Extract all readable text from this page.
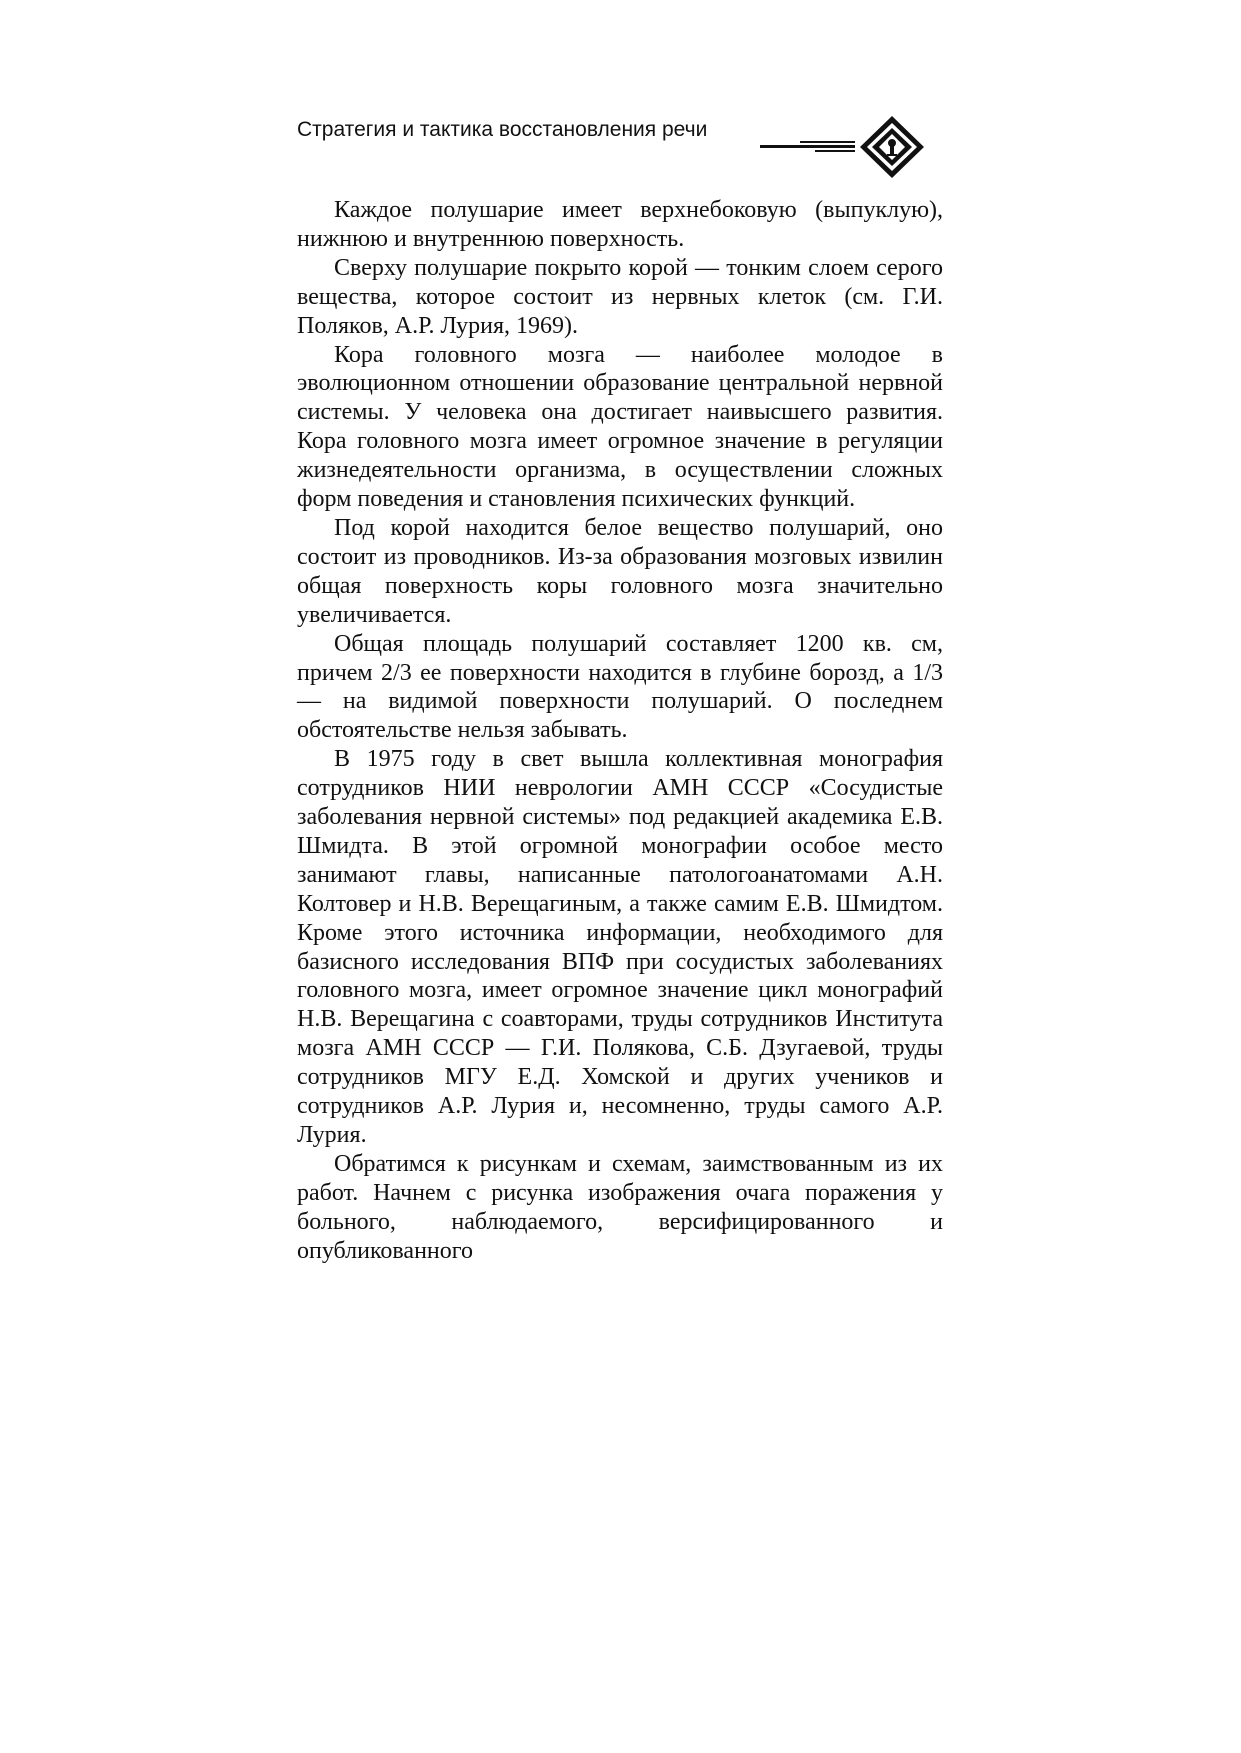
Стратегия и тактика восстановления речи

Каждое полушарие имеет верхнебоковую (выпуклую), нижнюю и внутреннюю поверхность.

Сверху полушарие покрыто корой — тонким слоем серого вещества, которое состоит из нервных клеток (см. Г.И. Поляков, А.Р. Лурия, 1969).

Кора головного мозга — наиболее молодое в эволюционном отношении образование центральной нервной системы. У человека она достигает наивысшего развития. Кора головного мозга имеет огромное значение в регуляции жизнедеятельности организма, в осуществлении сложных форм поведения и становления психических функций.

Под корой находится белое вещество полушарий, оно состоит из проводников. Из-за образования мозговых извилин общая поверхность коры головного мозга значительно увеличивается.

Общая площадь полушарий составляет 1200 кв. см, причем 2/3 ее поверхности находится в глубине борозд, а 1/3 — на видимой поверхности полушарий. О последнем обстоятельстве нельзя забывать.

В 1975 году в свет вышла коллективная монография сотрудников НИИ неврологии АМН СССР «Сосудистые заболевания нервной системы» под редакцией академика Е.В. Шмидта. В этой огромной монографии особое место занимают главы, написанные патологоанатомами А.Н. Колтовер и Н.В. Верещагиным, а также самим Е.В. Шмидтом. Кроме этого источника информации, необходимого для базисного исследования ВПФ при сосудистых заболеваниях головного мозга, имеет огромное значение цикл монографий Н.В. Верещагина с соавторами, труды сотрудников Института мозга АМН СССР — Г.И. Полякова, С.Б. Дзугаевой, труды сотрудников МГУ Е.Д. Хомской и других учеников и сотрудников А.Р. Лурия и, несомненно, труды самого А.Р. Лурия.

Обратимся к рисункам и схемам, заимствованным из их работ. Начнем с рисунка изображения очага поражения у больного, наблюдаемого, версифицированного и опубликованного
